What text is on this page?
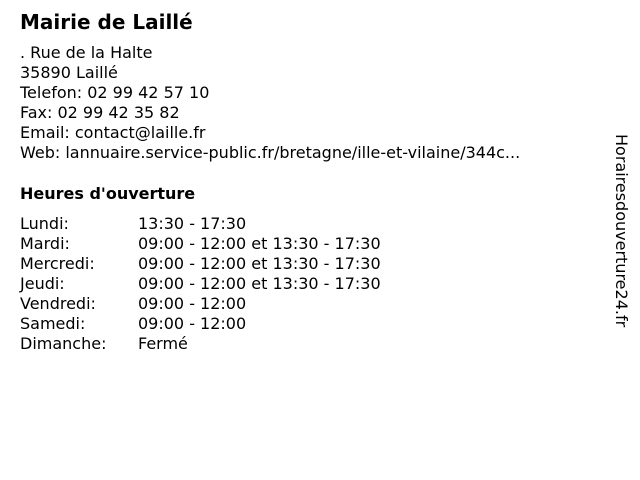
Mairie de Laillé
. Rue de la Halte
35890 Laillé
Telefon: 02 99 42 57 10
Fax: 02 99 42 35 82
Email: contact@laille.fr
Web: lannuaire.service-public.fr/bretagne/ille-et-vilaine/344c...
Heures d'ouverture
Lundi:	13:30 - 17:30
Mardi:	09:00 - 12:00 et 13:30 - 17:30
Mercredi:	09:00 - 12:00 et 13:30 - 17:30
Jeudi:	09:00 - 12:00 et 13:30 - 17:30
Vendredi:	09:00 - 12:00
Samedi:	09:00 - 12:00
Dimanche: Fermé
Horairesdouverture24.fr
